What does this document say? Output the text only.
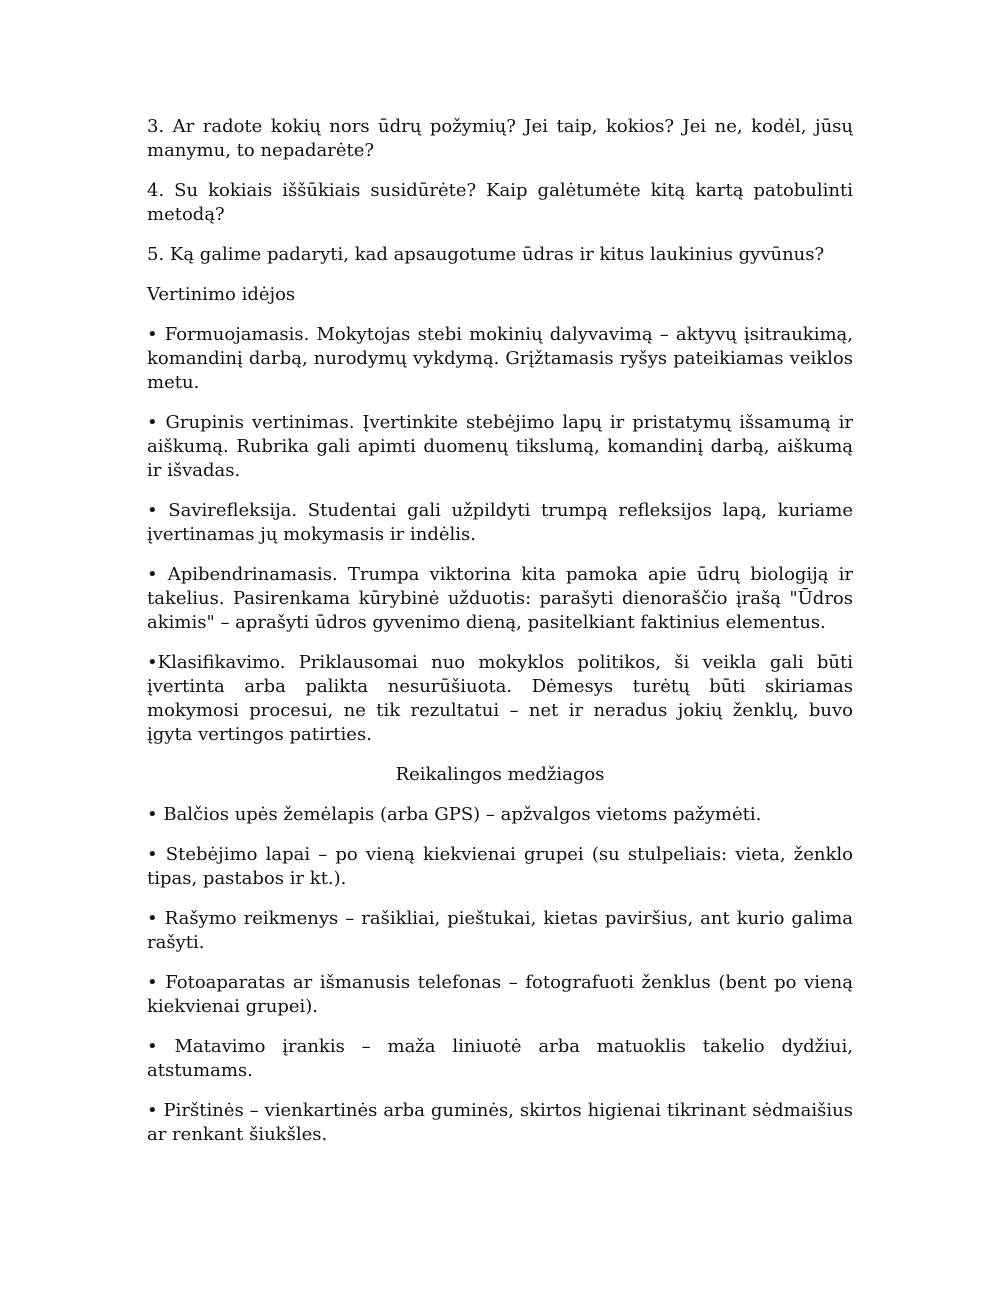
3. Ar radote kokių nors ūdrų požymių? Jei taip, kokios? Jei ne, kodėl, jūsų manymu, to nepadarėte?

4. Su kokiais iššūkiais susidūrėte? Kaip galėtumėte kitą kartą patobulinti metodą?

5. Ką galime padaryti, kad apsaugotume ūdras ir kitus laukinius gyvūnus?

Vertinimo idėjos

• Formuojamasis. Mokytojas stebi mokinių dalyvavimą – aktyvų įsitraukimą, komandinį darbą, nurodymų vykdymą. Grįžtamasis ryšys pateikiamas veiklos metu.

• Grupinis vertinimas. Įvertinkite stebėjimo lapų ir pristatymų išsamumą ir aiškumą. Rubrika gali apimti duomenų tikslumą, komandinį darbą, aiškumą ir išvadas.

• Savirefleksija. Studentai gali užpildyti trumpą refleksijos lapą, kuriame įvertinamas jų mokymasis ir indėlis.

• Apibendrinamasis. Trumpa viktorina kita pamoka apie ūdrų biologiją ir takelius. Pasirenkama kūrybinė užduotis: parašyti dienoraščio įrašą "Ūdros akimis" – aprašyti ūdros gyvenimo dieną, pasitelkiant faktinius elementus.

•Klasifikavimo. Priklausomai nuo mokyklos politikos, ši veikla gali būti įvertinta arba palikta nesurūšiuota. Dėmesys turėtų būti skiriamas mokymosi procesui, ne tik rezultatui – net ir neradus jokių ženklų, buvo įgyta vertingos patirties.

Reikalingos medžiagos

• Balčios upės žemėlapis (arba GPS) – apžvalgos vietoms pažymėti.

• Stebėjimo lapai – po vieną kiekvienai grupei (su stulpeliais: vieta, ženklo tipas, pastabos ir kt.).

• Rašymo reikmenys – rašikliai, pieštukai, kietas paviršius, ant kurio galima rašyti.

• Fotoaparatas ar išmanusis telefonas – fotografuoti ženklus (bent po vieną kiekvienai grupei).

• Matavimo įrankis – maža liniuotė arba matuoklis takelio dydžiui, atstumams.

• Pirštinės – vienkartinės arba guminės, skirtos higienai tikrinant sėdmaišius ar renkant šiukšles.
